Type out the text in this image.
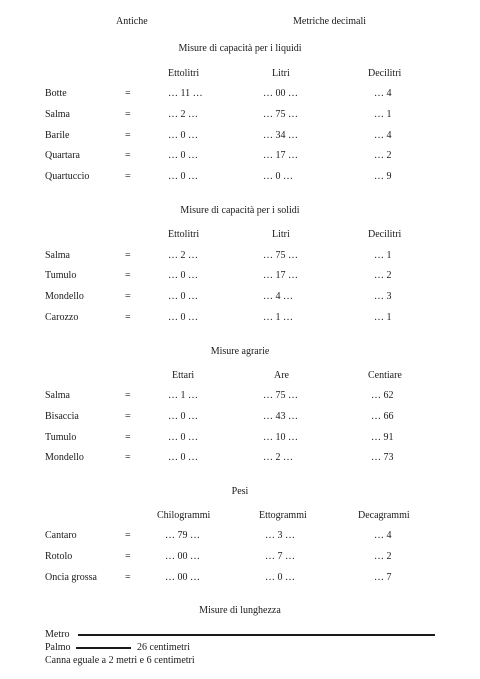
Antiche	Metriche decimali
Misure di capacità per i liquidi
Ettolitri	Litri	Decilitri
Botte	=	… 11 …	… 00 …	… 4
Salma	=	… 2 …	… 75 …	… 1
Barile	=	… 0 …	… 34 …	… 4
Quartara	=	… 0 …	… 17 …	… 2
Quartuccio	=	… 0 …	… 0 …	… 9
Misure di capacità per i solidi
Ettolitri	Litri	Decilitri
Salma	=	… 2 …	… 75 …	… 1
Tumulo	=	… 0 …	… 17 …	… 2
Mondello	=	… 0 …	… 4 …	… 3
Carozzo	=	… 0 …	… 1 …	… 1
Misure agrarie
Ettari	Are	Centiare
Salma	=	… 1 …	… 75 …	… 62
Bisaccia	=	… 0 …	… 43 …	… 66
Tumulo	=	… 0 …	… 10 …	… 91
Mondello	=	… 0 …	… 2 …	… 73
Pesi
Chilogrammi	Ettogrammi	Decagrammi
Cantaro	=	… 79 …	… 3 …	… 4
Rotolo	=	… 00 …	… 7 …	… 2
Oncia grossa	=	… 00 …	… 0 …	… 7
Misure di lunghezza
Metro
Palmo	26 centimetri
Canna eguale a 2 metri e 6 centimetri
